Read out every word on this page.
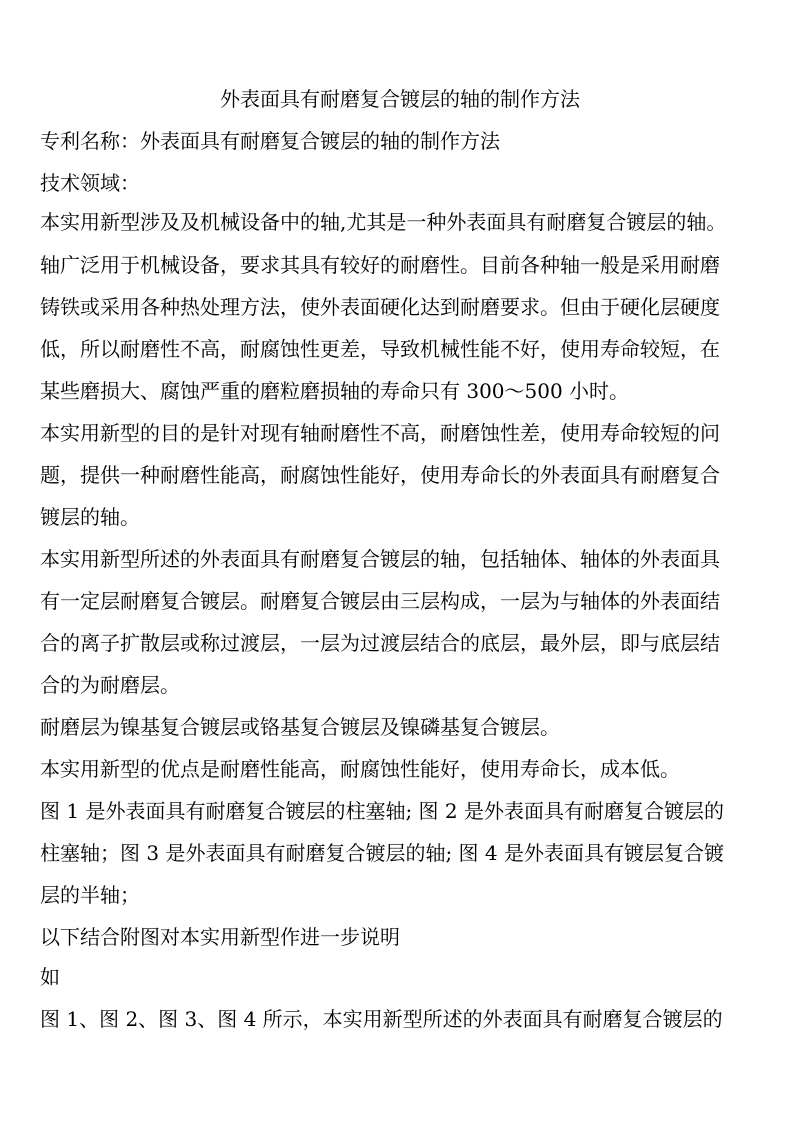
外表面具有耐磨复合镀层的轴的制作方法
专利名称：外表面具有耐磨复合镀层的轴的制作方法
技术领域：
本实用新型涉及及机械设备中的轴,尤其是一种外表面具有耐磨复合镀层的轴。
轴广泛用于机械设备，要求其具有较好的耐磨性。目前各种轴一般是采用耐磨
铸铁或采用各种热处理方法，使外表面硬化达到耐磨要求。但由于硬化层硬度
低，所以耐磨性不高，耐腐蚀性更差，导致机械性能不好，使用寿命较短，在
某些磨损大、腐蚀严重的磨粒磨损轴的寿命只有 300～500 小时。
本实用新型的目的是针对现有轴耐磨性不高，耐磨蚀性差，使用寿命较短的问
题，提供一种耐磨性能高，耐腐蚀性能好，使用寿命长的外表面具有耐磨复合
镀层的轴。
本实用新型所述的外表面具有耐磨复合镀层的轴，包括轴体、轴体的外表面具
有一定层耐磨复合镀层。耐磨复合镀层由三层构成，一层为与轴体的外表面结
合的离子扩散层或称过渡层，一层为过渡层结合的底层，最外层，即与底层结
合的为耐磨层。
耐磨层为镍基复合镀层或铬基复合镀层及镍磷基复合镀层。
本实用新型的优点是耐磨性能高，耐腐蚀性能好，使用寿命长，成本低。
图 1 是外表面具有耐磨复合镀层的柱塞轴; 图 2 是外表面具有耐磨复合镀层的
柱塞轴；图 3 是外表面具有耐磨复合镀层的轴; 图 4 是外表面具有镀层复合镀
层的半轴；
以下结合附图对本实用新型作进一步说明
如
图 1、图 2、图 3、图 4 所示，本实用新型所述的外表面具有耐磨复合镀层的
